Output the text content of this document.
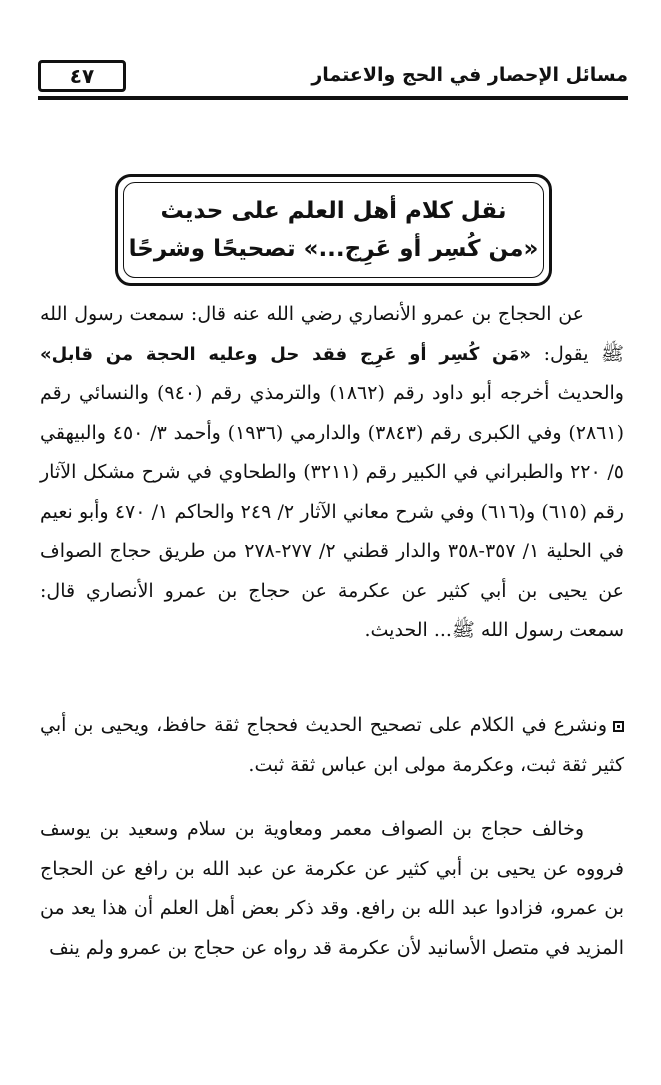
٤٧	مسائل الإحصار في الحج والاعتمار
نقل كلام أهل العلم على حديث
«من كُسِر أو عَرِج...» تصحيحًا وشرحًا
عن الحجاج بن عمرو الأنصاري رضي الله عنه قال: سمعت رسول الله ﷺ يقول: «مَن كُسِر أو عَرِج فقد حل وعليه الحجة من قابل» والحديث أخرجه أبو داود رقم (١٨٦٢) والترمذي رقم (٩٤٠) والنسائي رقم (٢٨٦١) وفي الكبرى رقم (٣٨٤٣) والدارمي (١٩٣٦) وأحمد ٣/ ٤٥٠ والبيهقي ٥/ ٢٢٠ والطبراني في الكبير رقم (٣٢١١) والطحاوي في شرح مشكل الآثار رقم (٦١٥) و(٦١٦) وفي شرح معاني الآثار ٢/ ٢٤٩ والحاكم ١/ ٤٧٠ وأبو نعيم في الحلية ١/ ٣٥٧-٣٥٨ والدار قطني ٢/ ٢٧٧-٢٧٨ من طريق حجاج الصواف عن يحيى بن أبي كثير عن عكرمة عن حجاج بن عمرو الأنصاري قال: سمعت رسول الله ﷺ... الحديث.
ونشرع في الكلام على تصحيح الحديث فحجاج ثقة حافظ، ويحيى بن أبي كثير ثقة ثبت، وعكرمة مولى ابن عباس ثقة ثبت.
وخالف حجاج بن الصواف معمر ومعاوية بن سلام وسعيد بن يوسف فرووه عن يحيى بن أبي كثير عن عكرمة عن عبد الله بن رافع عن الحجاج بن عمرو، فزادوا عبد الله بن رافع. وقد ذكر بعض أهل العلم أن هذا يعد من المزيد في متصل الأسانيد لأن عكرمة قد رواه عن حجاج بن عمرو ولم ينف
